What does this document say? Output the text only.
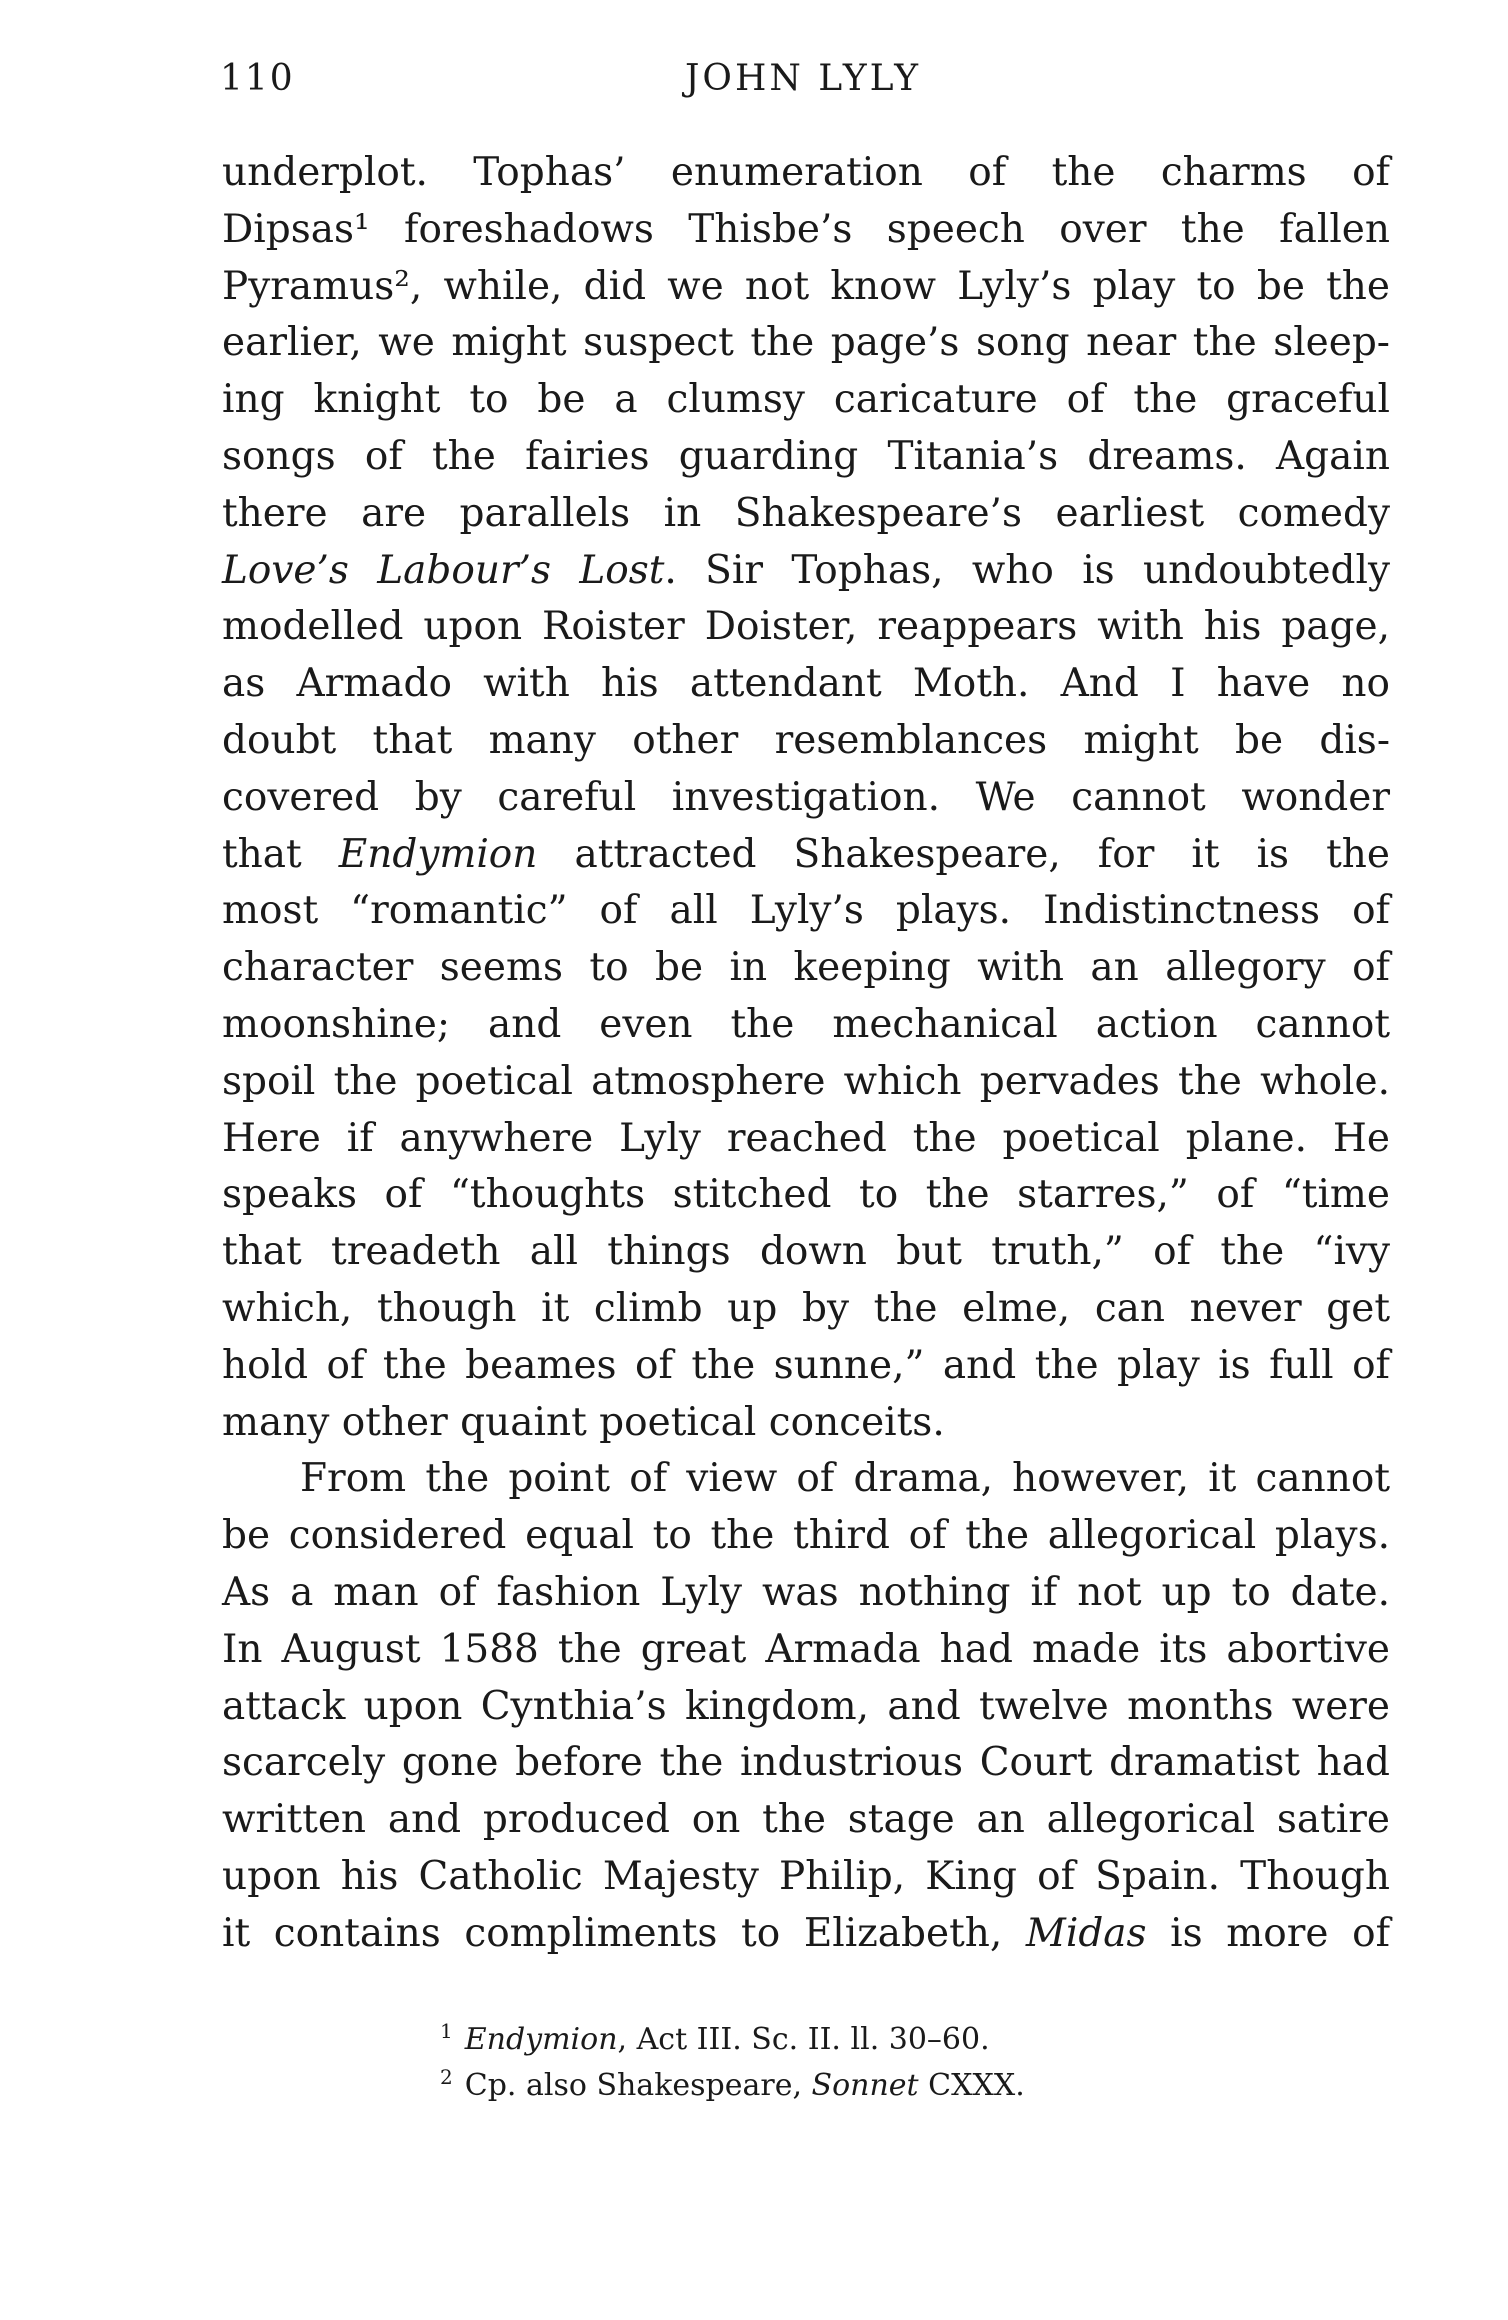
110	JOHN LYLY
underplot. Tophas’ enumeration of the charms of
Dipsas¹ foreshadows Thisbe’s speech over the fallen
Pyramus², while, did we not know Lyly’s play to be the
earlier, we might suspect the page’s song near the sleep-
ing knight to be a clumsy caricature of the graceful
songs of the fairies guarding Titania’s dreams. Again
there are parallels in Shakespeare’s earliest comedy
Love’s Labour’s Lost. Sir Tophas, who is undoubtedly
modelled upon Roister Doister, reappears with his page,
as Armado with his attendant Moth. And I have no
doubt that many other resemblances might be dis-
covered by careful investigation. We cannot wonder
that Endymion attracted Shakespeare, for it is the
most “romantic” of all Lyly’s plays. Indistinctness of
character seems to be in keeping with an allegory of
moonshine; and even the mechanical action cannot
spoil the poetical atmosphere which pervades the whole.
Here if anywhere Lyly reached the poetical plane. He
speaks of “thoughts stitched to the starres,” of “time
that treadeth all things down but truth,” of the “ivy
which, though it climb up by the elme, can never get
hold of the beames of the sunne,” and the play is full of
many other quaint poetical conceits.
From the point of view of drama, however, it cannot
be considered equal to the third of the allegorical plays.
As a man of fashion Lyly was nothing if not up to date.
In August 1588 the great Armada had made its abortive
attack upon Cynthia’s kingdom, and twelve months were
scarcely gone before the industrious Court dramatist had
written and produced on the stage an allegorical satire
upon his Catholic Majesty Philip, King of Spain. Though
it contains compliments to Elizabeth, Midas is more of
$^1$ Endymion, Act III. Sc. II. ll. 30–60.
$^2$ Cp. also Shakespeare, Sonnet CXXX.
